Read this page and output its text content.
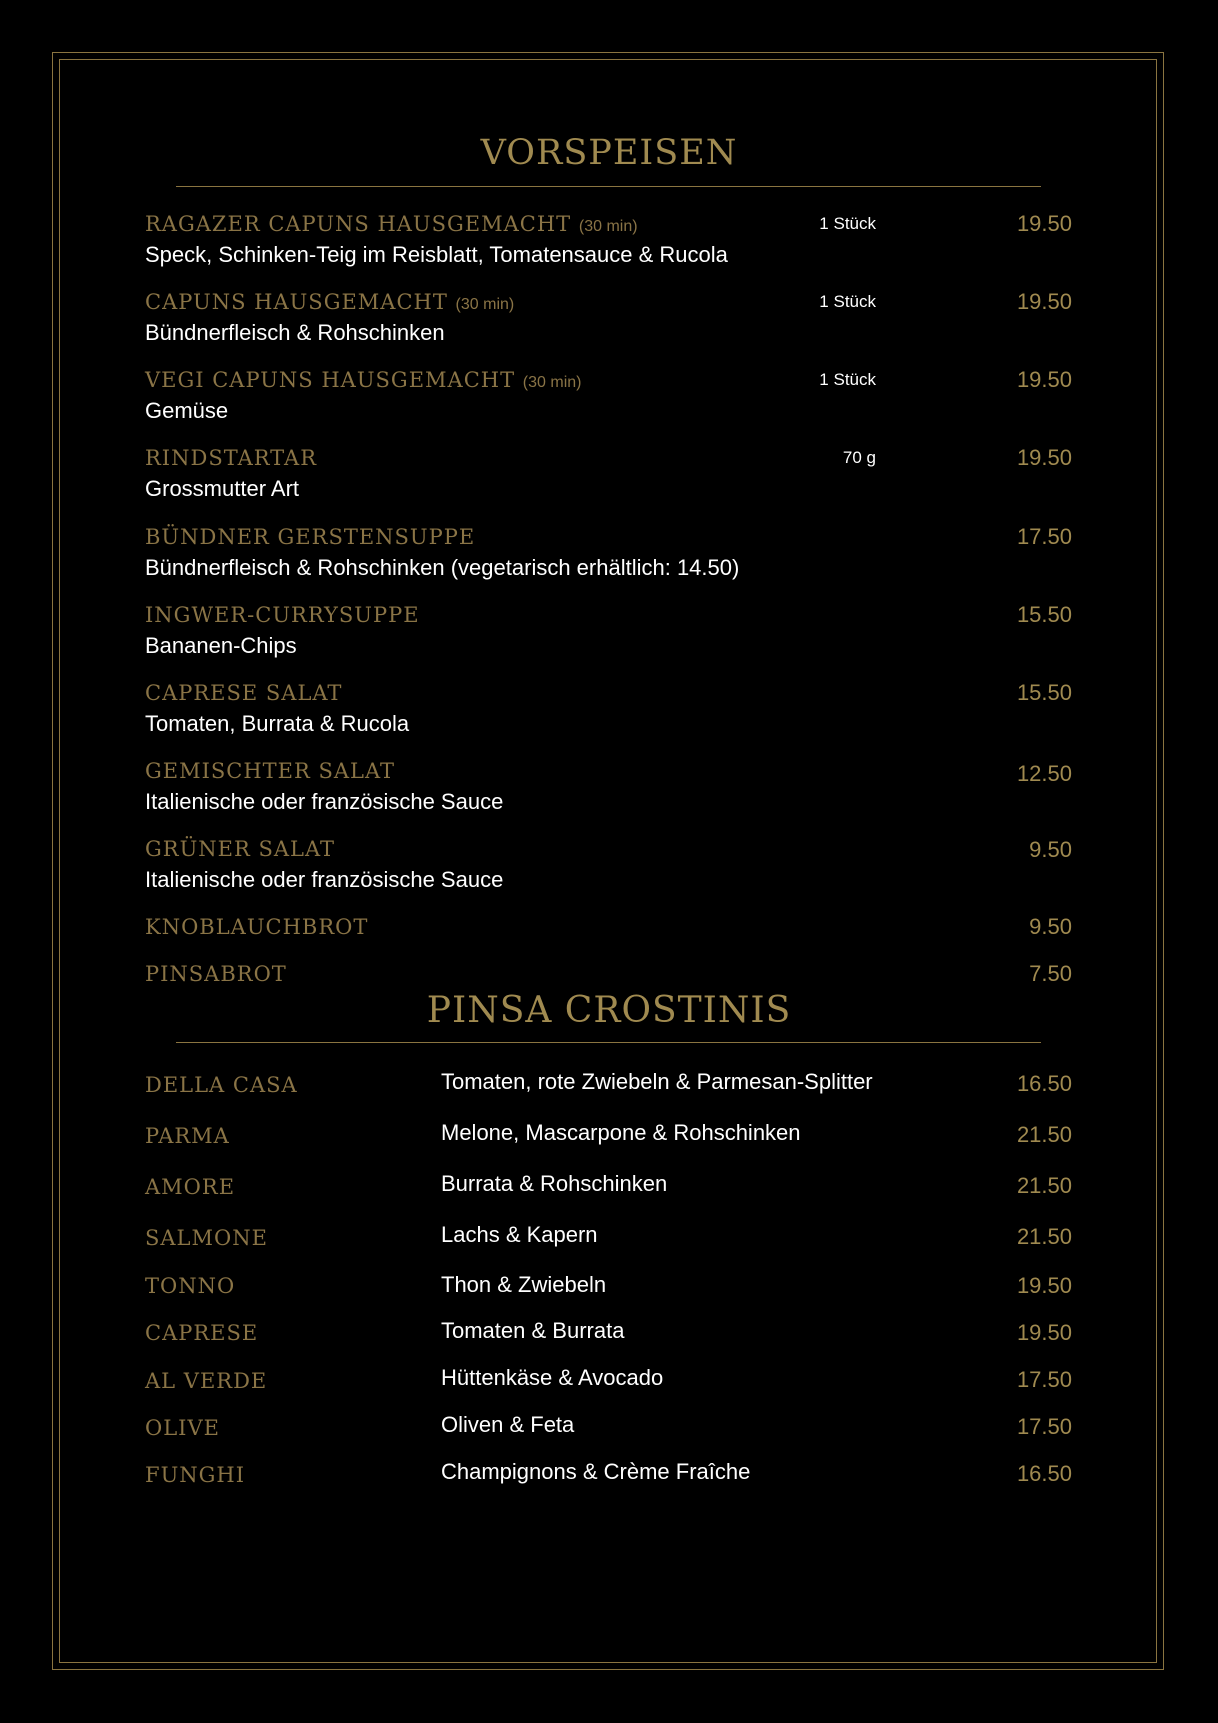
VORSPEISEN
RAGAZER CAPUNS HAUSGEMACHT (30 min)	1 Stück	19.50
Speck, Schinken-Teig im Reisblatt, Tomatensauce & Rucola
CAPUNS HAUSGEMACHT (30 min)	1 Stück	19.50
Bündnerfleisch & Rohschinken
VEGI CAPUNS HAUSGEMACHT (30 min)	1 Stück	19.50
Gemüse
RINDSTARTAR	70 g	19.50
Grossmutter Art
BÜNDNER GERSTENSUPPE	17.50
Bündnerfleisch & Rohschinken (vegetarisch erhältlich: 14.50)
INGWER-CURRYSUPPE	15.50
Bananen-Chips
CAPRESE SALAT	15.50
Tomaten, Burrata & Rucola
GEMISCHTER SALAT	12.50
Italienische oder französische Sauce
GRÜNER SALAT	9.50
Italienische oder französische Sauce
KNOBLAUCHBROT	9.50
PINSABROT	7.50
PINSA CROSTINIS
DELLA CASA	Tomaten, rote Zwiebeln & Parmesan-Splitter	16.50
PARMA	Melone, Mascarpone & Rohschinken	21.50
AMORE	Burrata & Rohschinken	21.50
SALMONE	Lachs & Kapern	21.50
TONNO	Thon & Zwiebeln	19.50
CAPRESE	Tomaten & Burrata	19.50
AL VERDE	Hüttenkäse & Avocado	17.50
OLIVE	Oliven & Feta	17.50
FUNGHI	Champignons & Crème Fraîche	16.50
